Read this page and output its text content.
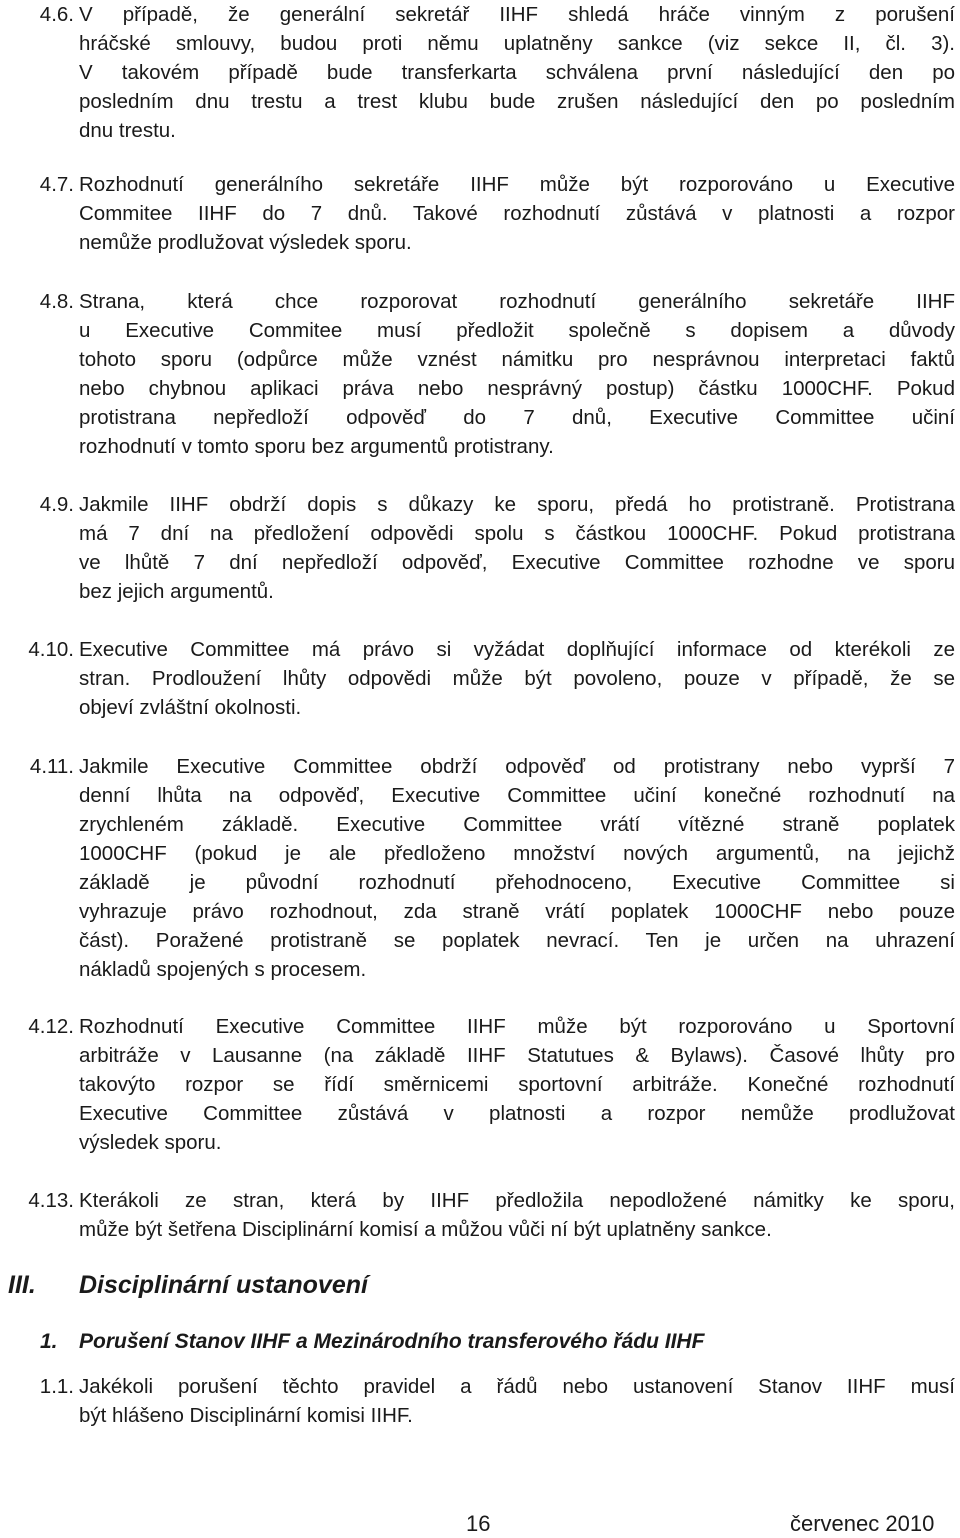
4.6. V případě, že generální sekretář IIHF shledá hráče vinným z porušení
hráčské smlouvy, budou proti němu uplatněny sankce (viz sekce II, čl. 3).
V takovém případě bude transferkarta schválena první následující den po
posledním dnu trestu a trest klubu bude zrušen následující den po posledním
dnu trestu.
4.7. Rozhodnutí generálního sekretáře IIHF může být rozporováno u Executive
Commitee IIHF do 7 dnů. Takové rozhodnutí zůstává v platnosti a rozpor
nemůže prodlužovat výsledek sporu.
4.8. Strana, která chce rozporovat rozhodnutí generálního sekretáře IIHF
u Executive Commitee musí předložit společně s dopisem a důvody
tohoto sporu (odpůrce může vznést námitku pro nesprávnou interpretaci faktů
nebo chybnou aplikaci práva nebo nesprávný postup) částku 1000CHF. Pokud
protistrana nepředloží odpověď do 7 dnů, Executive Committee učiní
rozhodnutí v tomto sporu bez argumentů protistrany.
4.9. Jakmile IIHF obdrží dopis s důkazy ke sporu, předá ho protistraně. Protistrana
má 7 dní na předložení odpovědi spolu s částkou 1000CHF. Pokud protistrana
ve lhůtě 7 dní nepředloží odpověď, Executive Committee rozhodne ve sporu
bez jejich argumentů.
4.10. Executive Committee má právo si vyžádat doplňující informace od kterékoli ze
stran. Prodloužení lhůty odpovědi může být povoleno, pouze v případě, že se
objeví zvláštní okolnosti.
4.11. Jakmile Executive Committee obdrží odpověď od protistrany nebo vyprší 7
denní lhůta na odpověď, Executive Committee učiní konečné rozhodnutí na
zrychleném základě. Executive Committee vrátí vítězné straně poplatek
1000CHF (pokud je ale předloženo množství nových argumentů, na jejichž
základě je původní rozhodnutí přehodnoceno, Executive Committee si
vyhrazuje právo rozhodnout, zda straně vrátí poplatek 1000CHF nebo pouze
část). Poražené protistraně se poplatek nevrací. Ten je určen na uhrazení
nákladů spojených s procesem.
4.12. Rozhodnutí Executive Committee IIHF může být rozporováno u Sportovní
arbitráže v Lausanne (na základě IIHF Statutues & Bylaws). Časové lhůty pro
takovýto rozpor se řídí směrnicemi sportovní arbitráže. Konečné rozhodnutí
Executive Committee zůstává v platnosti a rozpor nemůže prodlužovat
výsledek sporu.
4.13. Kterákoli ze stran, která by IIHF předložila nepodložené námitky ke sporu,
může být šetřena Disciplinární komisí a můžou vůči ní být uplatněny sankce.
III. Disciplinární ustanovení
1. Porušení Stanov IIHF a Mezinárodního transferového řádu IIHF
1.1. Jakékoli porušení těchto pravidel a řádů nebo ustanovení Stanov IIHF musí
být hlášeno Disciplinární komisi IIHF.
16	červenec 2010
